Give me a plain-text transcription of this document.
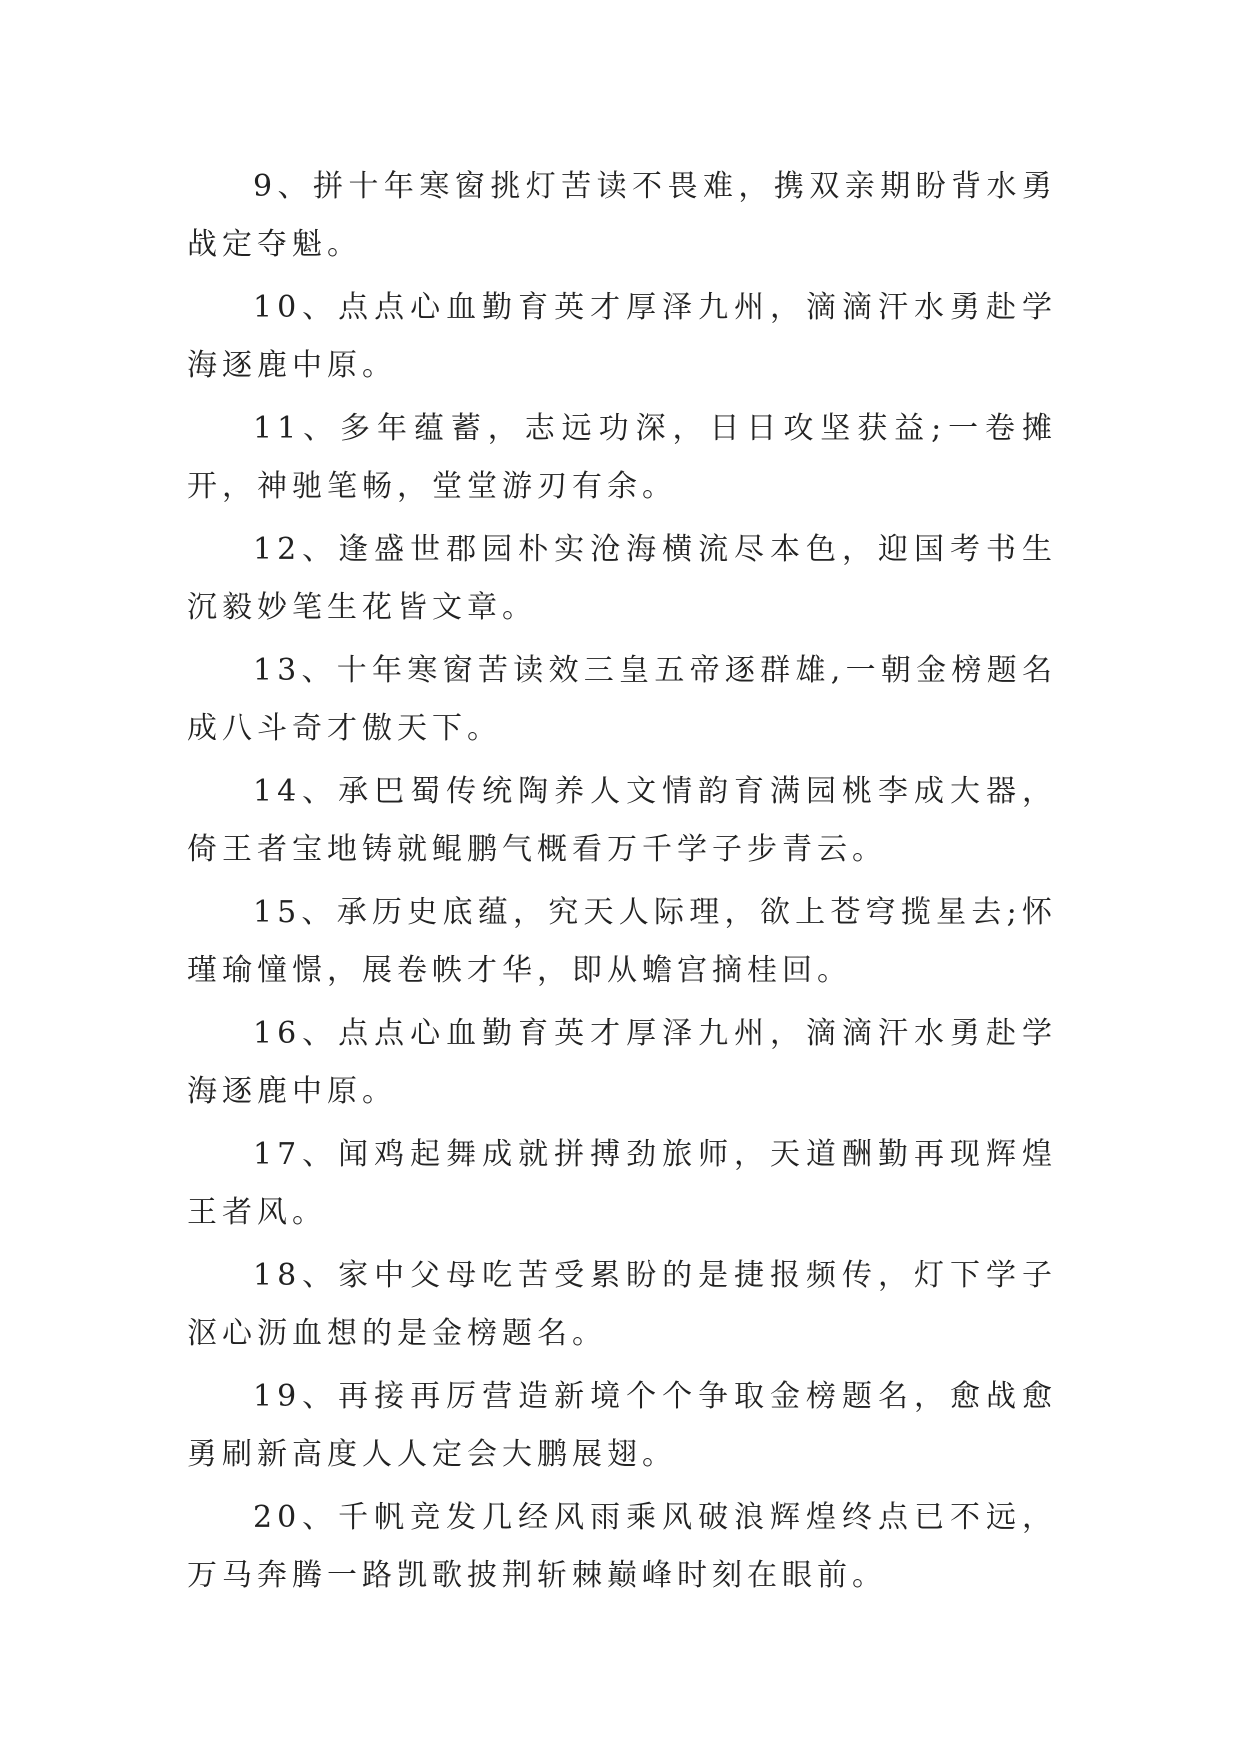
9、拼十年寒窗挑灯苦读不畏难，携双亲期盼背水勇战定夺魁。

10、点点心血勤育英才厚泽九州，滴滴汗水勇赴学海逐鹿中原。

11、多年蕴蓄，志远功深，日日攻坚获益;一卷摊开，神驰笔畅，堂堂游刃有余。

12、逢盛世郡园朴实沧海横流尽本色，迎国考书生沉毅妙笔生花皆文章。

13、十年寒窗苦读效三皇五帝逐群雄,一朝金榜题名成八斗奇才傲天下。

14、承巴蜀传统陶养人文情韵育满园桃李成大器，倚王者宝地铸就鲲鹏气概看万千学子步青云。

15、承历史底蕴，究天人际理，欲上苍穹揽星去;怀瑾瑜憧憬，展卷帙才华，即从蟾宫摘桂回。

16、点点心血勤育英才厚泽九州，滴滴汗水勇赴学海逐鹿中原。

17、闻鸡起舞成就拼搏劲旅师，天道酬勤再现辉煌王者风。

18、家中父母吃苦受累盼的是捷报频传，灯下学子沤心沥血想的是金榜题名。

19、再接再厉营造新境个个争取金榜题名，愈战愈勇刷新高度人人定会大鹏展翅。

20、千帆竞发几经风雨乘风破浪辉煌终点已不远，万马奔腾一路凯歌披荆斩棘巅峰时刻在眼前。
